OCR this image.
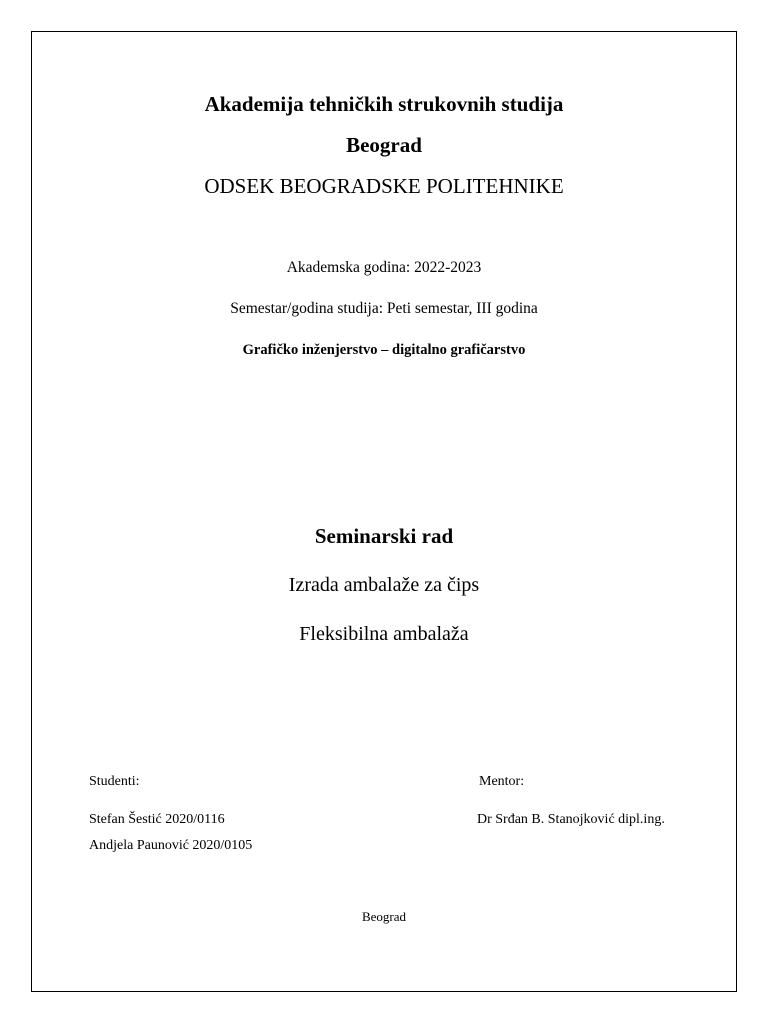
Akademija tehničkih strukovnih studija
Beograd
ODSEK BEOGRADSKE POLITEHNIKE
Akademska godina: 2022-2023
Semestar/godina studija: Peti semestar, III godina
Grafičko inženjerstvo – digitalno grafičarstvo
Seminarski rad
Izrada ambalaže za čips
Fleksibilna ambalaža
Studenti:	Mentor:
Stefan Šestić 2020/0116
Andjela Paunović 2020/0105
Dr Srđan B. Stanojković dipl.ing.
Beograd
